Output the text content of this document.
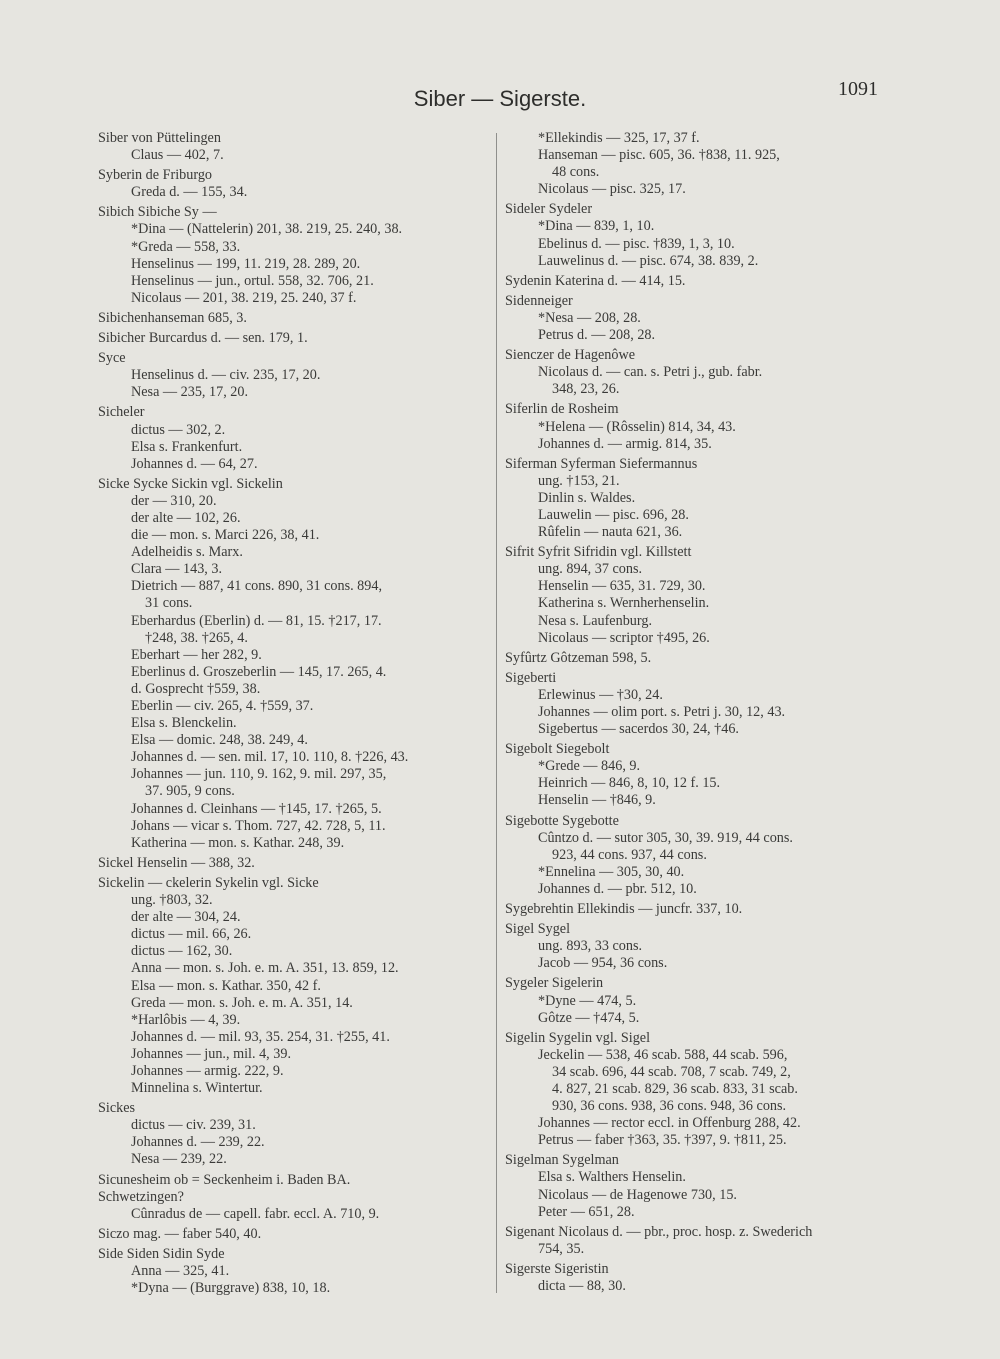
Siber — Sigerste.	1091
Siber von Püttelingen
Claus — 402, 7.
Syberin de Friburgo
Greda d. — 155, 34.
Sibich Sibiche Sy —
*Dina — (Nattelerin) 201, 38. 219, 25. 240, 38.
*Greda — 558, 33.
Henselinus — 199, 11. 219, 28. 289, 20.
Henselinus — jun., ortul. 558, 32. 706, 21.
Nicolaus — 201, 38. 219, 25. 240, 37 f.
Sibichenhanseman 685, 3.
Sibicher Burcardus d. — sen. 179, 1.
Syce
Henselinus d. — civ. 235, 17, 20.
Nesa — 235, 17, 20.
Sicheler
dictus — 302, 2.
Elsa s. Frankenfurt.
Johannes d. — 64, 27.
Sicke Sycke Sickin vgl. Sickelin
der — 310, 20.
der alte — 102, 26.
die — mon. s. Marci 226, 38, 41.
Adelheidis s. Marx.
Clara — 143, 3.
Dietrich — 887, 41 cons. 890, 31 cons. 894,
31 cons.
Eberhardus (Eberlin) d. — 81, 15. †217, 17.
†248, 38. †265, 4.
Eberhart — her 282, 9.
Eberlinus d. Groszeberlin — 145, 17. 265, 4.
d. Gosprecht †559, 38.
Eberlin — civ. 265, 4. †559, 37.
Elsa s. Blenckelin.
Elsa — domic. 248, 38. 249, 4.
Johannes d. — sen. mil. 17, 10. 110, 8. †226, 43.
Johannes — jun. 110, 9. 162, 9. mil. 297, 35,
37. 905, 9 cons.
Johannes d. Cleinhans — †145, 17. †265, 5.
Johans — vicar s. Thom. 727, 42. 728, 5, 11.
Katherina — mon. s. Kathar. 248, 39.
Sickel Henselin — 388, 32.
Sickelin — ckelerin Sykelin vgl. Sicke
ung. †803, 32.
der alte — 304, 24.
dictus — mil. 66, 26.
dictus — 162, 30.
Anna — mon. s. Joh. e. m. A. 351, 13. 859, 12.
Elsa — mon. s. Kathar. 350, 42 f.
Greda — mon. s. Joh. e. m. A. 351, 14.
*Harlôbis — 4, 39.
Johannes d. — mil. 93, 35. 254, 31. †255, 41.
Johannes — jun., mil. 4, 39.
Johannes — armig. 222, 9.
Minnelina s. Wintertur.
Sickes
dictus — civ. 239, 31.
Johannes d. — 239, 22.
Nesa — 239, 22.
Sicunesheim ob = Seckenheim i. Baden BA.
Schwetzingen?
Cûnradus de — capell. fabr. eccl. A. 710, 9.
Siczo mag. — faber 540, 40.
Side Siden Sidin Syde
Anna — 325, 41.
*Dyna — (Burggrave) 838, 10, 18.
*Ellekindis — 325, 17, 37 f.
Hanseman — pisc. 605, 36. †838, 11. 925,
48 cons.
Nicolaus — pisc. 325, 17.
Sideler Sydeler
*Dina — 839, 1, 10.
Ebelinus d. — pisc. †839, 1, 3, 10.
Lauwelinus d. — pisc. 674, 38. 839, 2.
Sydenin Katerina d. — 414, 15.
Sidenneiger
*Nesa — 208, 28.
Petrus d. — 208, 28.
Sienczer de Hagenôwe
Nicolaus d. — can. s. Petri j., gub. fabr.
348, 23, 26.
Siferlin de Rosheim
*Helena — (Rôsselin) 814, 34, 43.
Johannes d. — armig. 814, 35.
Siferman Syferman Siefermannus
ung. †153, 21.
Dinlin s. Waldes.
Lauwelin — pisc. 696, 28.
Rûfelin — nauta 621, 36.
Sifrit Syfrit Sifridin vgl. Killstett
ung. 894, 37 cons.
Henselin — 635, 31. 729, 30.
Katherina s. Wernherhenselin.
Nesa s. Laufenburg.
Nicolaus — scriptor †495, 26.
Syfûrtz Gôtzeman 598, 5.
Sigeberti
Erlewinus — †30, 24.
Johannes — olim port. s. Petri j. 30, 12, 43.
Sigebertus — sacerdos 30, 24, †46.
Sigebolt Siegebolt
*Grede — 846, 9.
Heinrich — 846, 8, 10, 12 f. 15.
Henselin — †846, 9.
Sigebotte Sygebotte
Cûntzo d. — sutor 305, 30, 39. 919, 44 cons.
923, 44 cons. 937, 44 cons.
*Ennelina — 305, 30, 40.
Johannes d. — pbr. 512, 10.
Sygebrehtin Ellekindis — juncfr. 337, 10.
Sigel Sygel
ung. 893, 33 cons.
Jacob — 954, 36 cons.
Sygeler Sigelerin
*Dyne — 474, 5.
Gôtze — †474, 5.
Sigelin Sygelin vgl. Sigel
Jeckelin — 538, 46 scab. 588, 44 scab. 596,
34 scab. 696, 44 scab. 708, 7 scab. 749, 2,
4. 827, 21 scab. 829, 36 scab. 833, 31 scab.
930, 36 cons. 938, 36 cons. 948, 36 cons.
Johannes — rector eccl. in Offenburg 288, 42.
Petrus — faber †363, 35. †397, 9. †811, 25.
Sigelman Sygelman
Elsa s. Walthers Henselin.
Nicolaus — de Hagenowe 730, 15.
Peter — 651, 28.
Sigenant Nicolaus d. — pbr., proc. hosp. z. Swederich
754, 35.
Sigerste Sigeristin
dicta — 88, 30.
